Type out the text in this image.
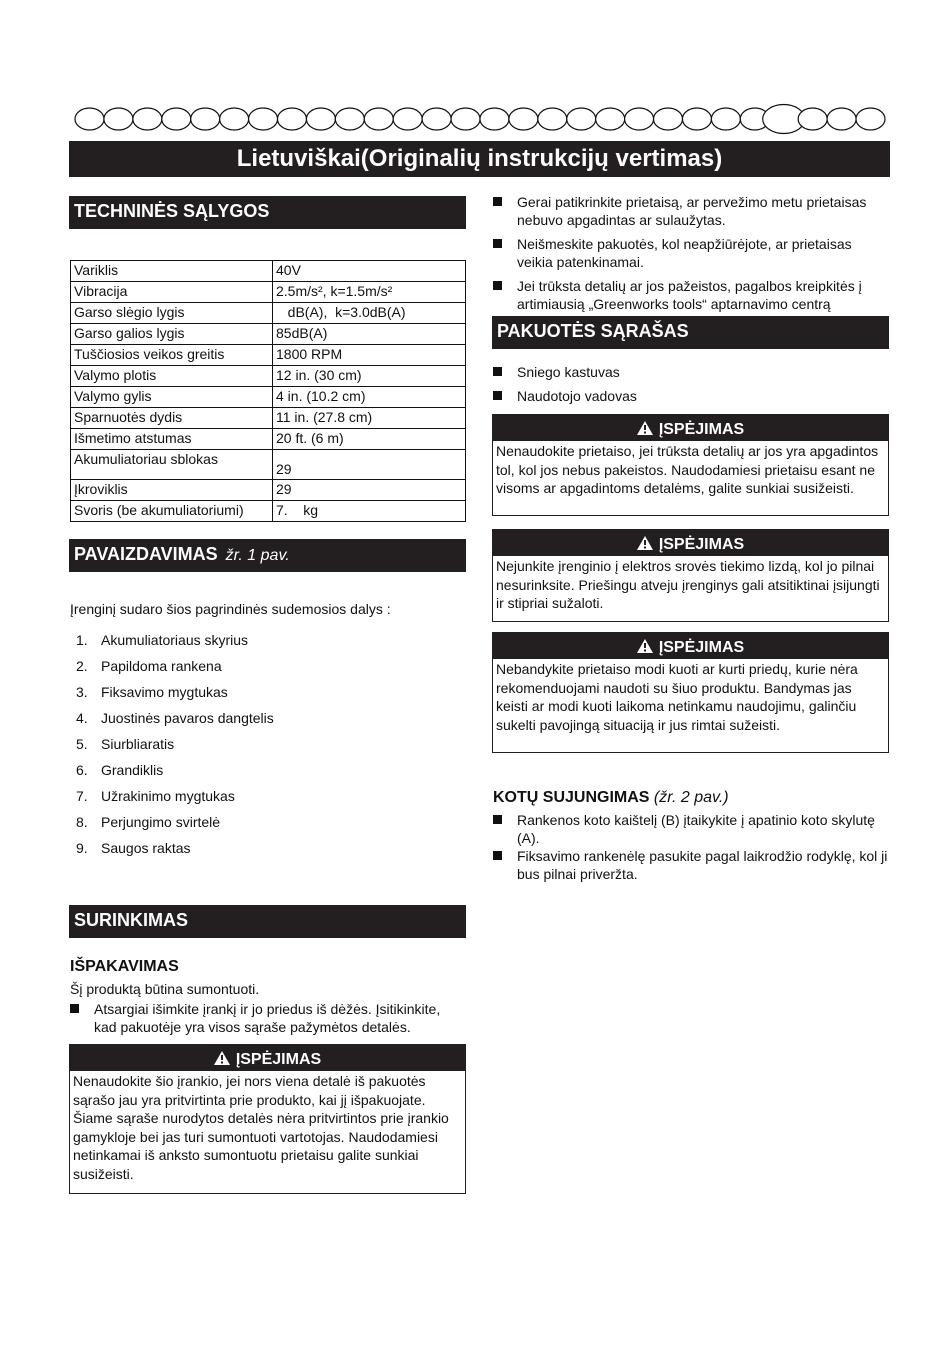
Lietuviškai(Originalių instrukcijų vertimas)
TECHNINĖS SĄLYGOS
Variklis	40V
Vibracija	2.5m/s², k=1.5m/s²
Garso slėgio lygis	dB(A),  k=3.0dB(A)
Garso galios lygis	85dB(A)
Tuščiosios veikos greitis	1800 RPM
Valymo plotis	12 in. (30 cm)
Valymo gylis	4 in. (10.2 cm)
Sparnuotės dydis	11 in. (27.8 cm)
Išmetimo atstumas	20 ft. (6 m)
Akumuliatoriau sblokas	29
Įkroviklis	29
Svoris (be akumuliatoriumi)	7.    kg
PAVAIZDAVIMAS žr. 1 pav.
Įrenginį sudaro šios pagrindinės sudemosios dalys :
1. Akumuliatoriaus skyrius
2. Papildoma rankena
3. Fiksavimo mygtukas
4. Juostinės pavaros dangtelis
5. Siurbliaratis
6. Grandiklis
7. Užrakinimo mygtukas
8. Perjungimo svirtelė
9. Saugos raktas
SURINKIMAS
IŠPAKAVIMAS
Šį produktą būtina sumontuoti.
Atsargiai išimkite įrankį ir jo priedus iš dėžės. Įsitikinkite, kad pakuotėje yra visos sąraše pažymėtos detalės.
ĮSPĖJIMAS
Nenaudokite šio įrankio, jei nors viena detalė iš pakuotės sąrašo jau yra pritvirtinta prie produkto, kai jį išpakuojate. Šiame sąraše nurodytos detalės nėra pritvirtintos prie įrankio gamykloje bei jas turi sumontuoti vartotojas. Naudodamiesi netinkamai iš anksto sumontuotu prietaisu galite sunkiai susižeisti.
Gerai patikrinkite prietaisą, ar pervežimo metu prietaisas nebuvo apgadintas ar sulaužytas.
Neišmeskite pakuotės, kol neapžiūrėjote, ar prietaisas veikia patenkinamai.
Jei trūksta detalių ar jos pažeistos, pagalbos kreipkitės į artimiausią „Greenworks tools“ aptarnavimo centrą
PAKUOTĖS SĄRAŠAS
Sniego kastuvas
Naudotojo vadovas
ĮSPĖJIMAS
Nenaudokite prietaiso, jei trūksta detalių ar jos yra apgadintos tol, kol jos nebus pakeistos. Naudodamiesi prietaisu esant ne visoms ar apgadintoms detalėms, galite sunkiai susižeisti.
ĮSPĖJIMAS
Nejunkite įrenginio į elektros srovės tiekimo lizdą, kol jo pilnai nesurinksite. Priešingu atveju įrenginys gali atsitiktinai įsijungti ir stipriai sužaloti.
ĮSPĖJIMAS
Nebandykite prietaiso modi kuoti ar kurti priedų, kurie nėra rekomenduojami naudoti su šiuo produktu. Bandymas jas keisti ar modi kuoti laikoma netinkamu naudojimu, galinčiu sukelti pavojingą situaciją ir jus rimtai sužeisti.
KOTŲ SUJUNGIMAS (žr. 2 pav.)
Rankenos koto kaištelį (B) įtaikykite į apatinio koto skylutę (A).
Fiksavimo rankenėlę pasukite pagal laikrodžio rodyklę, kol ji bus pilnai priveržta.
